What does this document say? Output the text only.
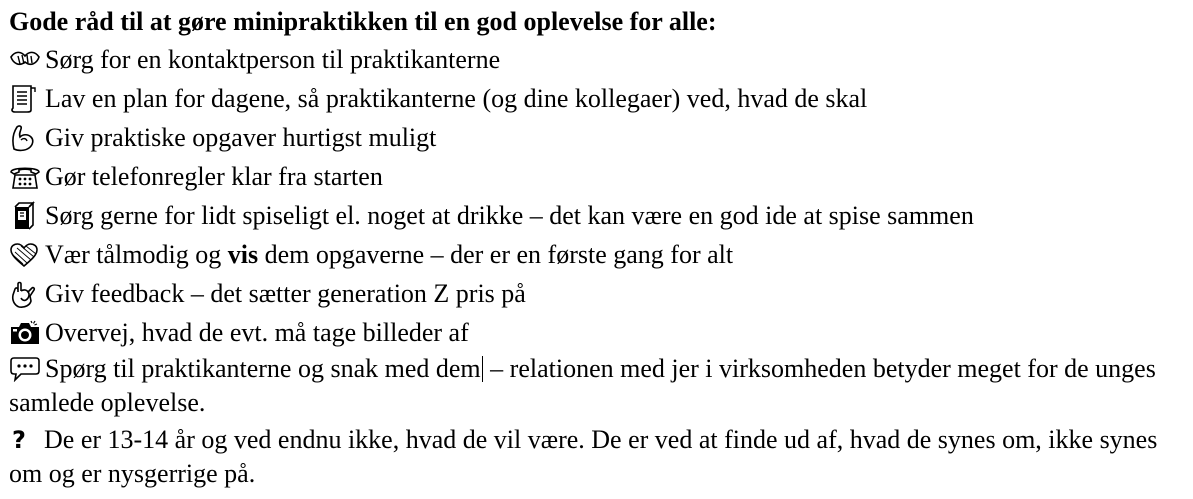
Gode råd til at gøre minipraktikken til en god oplevelse for alle:

Sørg for en kontaktperson til praktikanterne
Lav en plan for dagene, så praktikanterne (og dine kollegaer) ved, hvad de skal
Giv praktiske opgaver hurtigst muligt
Gør telefonregler klar fra starten
Sørg gerne for lidt spiseligt el. noget at drikke – det kan være en god ide at spise sammen
Vær tålmodig og vis dem opgaverne – der er en første gang for alt
Giv feedback – det sætter generation Z pris på
Overvej, hvad de evt. må tage billeder af
Spørg til praktikanterne og snak med dem – relationen med jer i virksomheden betyder meget for de unges samlede oplevelse.
? De er 13-14 år og ved endnu ikke, hvad de vil være. De er ved at finde ud af, hvad de synes om, ikke synes om og er nysgerrige på.
